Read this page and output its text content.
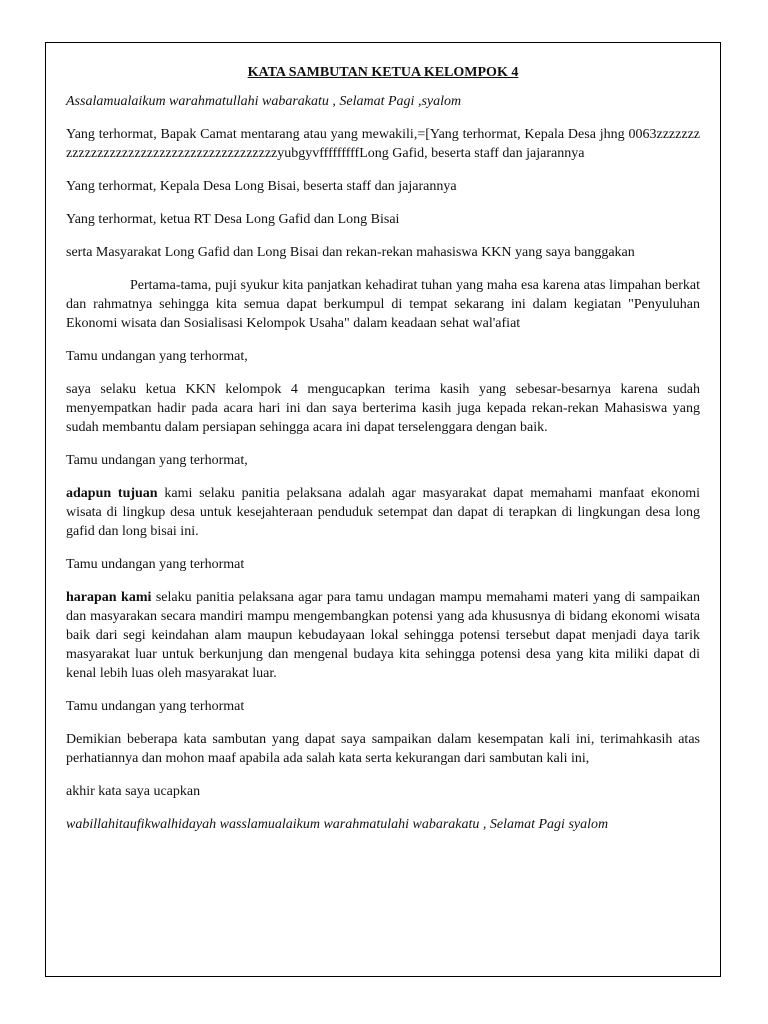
KATA SAMBUTAN KETUA KELOMPOK 4

Assalamualaikum warahmatullahi wabarakatu , Selamat Pagi ,syalom

Yang terhormat, Bapak Camat mentarang atau yang mewakili,=[Yang terhormat, Kepala Desa jhng 0063zzzzzzzzzzzzzzzzzzzzzzzzzzzzzzzzzzzzzzzzzyubgyvfffffffffLong Gafid, beserta staff dan jajarannya

Yang terhormat, Kepala Desa Long Bisai, beserta staff dan jajarannya

Yang terhormat, ketua RT Desa Long Gafid dan Long Bisai

serta Masyarakat Long Gafid dan Long Bisai dan rekan-rekan mahasiswa KKN yang saya banggakan

Pertama-tama, puji syukur kita panjatkan kehadirat tuhan yang maha esa karena atas limpahan berkat dan rahmatnya sehingga kita semua dapat berkumpul di tempat sekarang ini dalam kegiatan "Penyuluhan Ekonomi wisata dan Sosialisasi Kelompok Usaha" dalam keadaan sehat wal'afiat

Tamu undangan yang terhormat,

saya selaku ketua KKN kelompok 4 mengucapkan terima kasih yang sebesar-besarnya karena sudah menyempatkan hadir pada acara hari ini dan saya berterima kasih juga kepada rekan-rekan Mahasiswa yang sudah membantu dalam persiapan sehingga acara ini dapat terselenggara dengan baik.

Tamu undangan yang terhormat,

adapun tujuan kami selaku panitia pelaksana adalah agar masyarakat dapat memahami manfaat ekonomi wisata di lingkup desa untuk kesejahteraan penduduk setempat dan dapat di terapkan di lingkungan desa long gafid dan long bisai ini.

Tamu undangan yang terhormat

harapan kami selaku panitia pelaksana agar para tamu undagan mampu memahami materi yang di sampaikan dan masyarakan secara mandiri mampu mengembangkan potensi yang ada khususnya di bidang ekonomi wisata baik dari segi keindahan alam maupun kebudayaan lokal sehingga potensi tersebut dapat menjadi daya tarik masyarakat luar untuk berkunjung dan mengenal budaya kita sehingga potensi desa yang kita miliki dapat di kenal lebih luas oleh masyarakat luar.

Tamu undangan yang terhormat

Demikian beberapa kata sambutan yang dapat saya sampaikan dalam kesempatan kali ini, terimahkasih atas perhatiannya dan mohon maaf apabila ada salah kata serta kekurangan dari sambutan kali ini,

akhir kata saya ucapkan

wabillahitaufikwalhidayah wasslamualaikum warahmatulahi wabarakatu , Selamat Pagi syalom
